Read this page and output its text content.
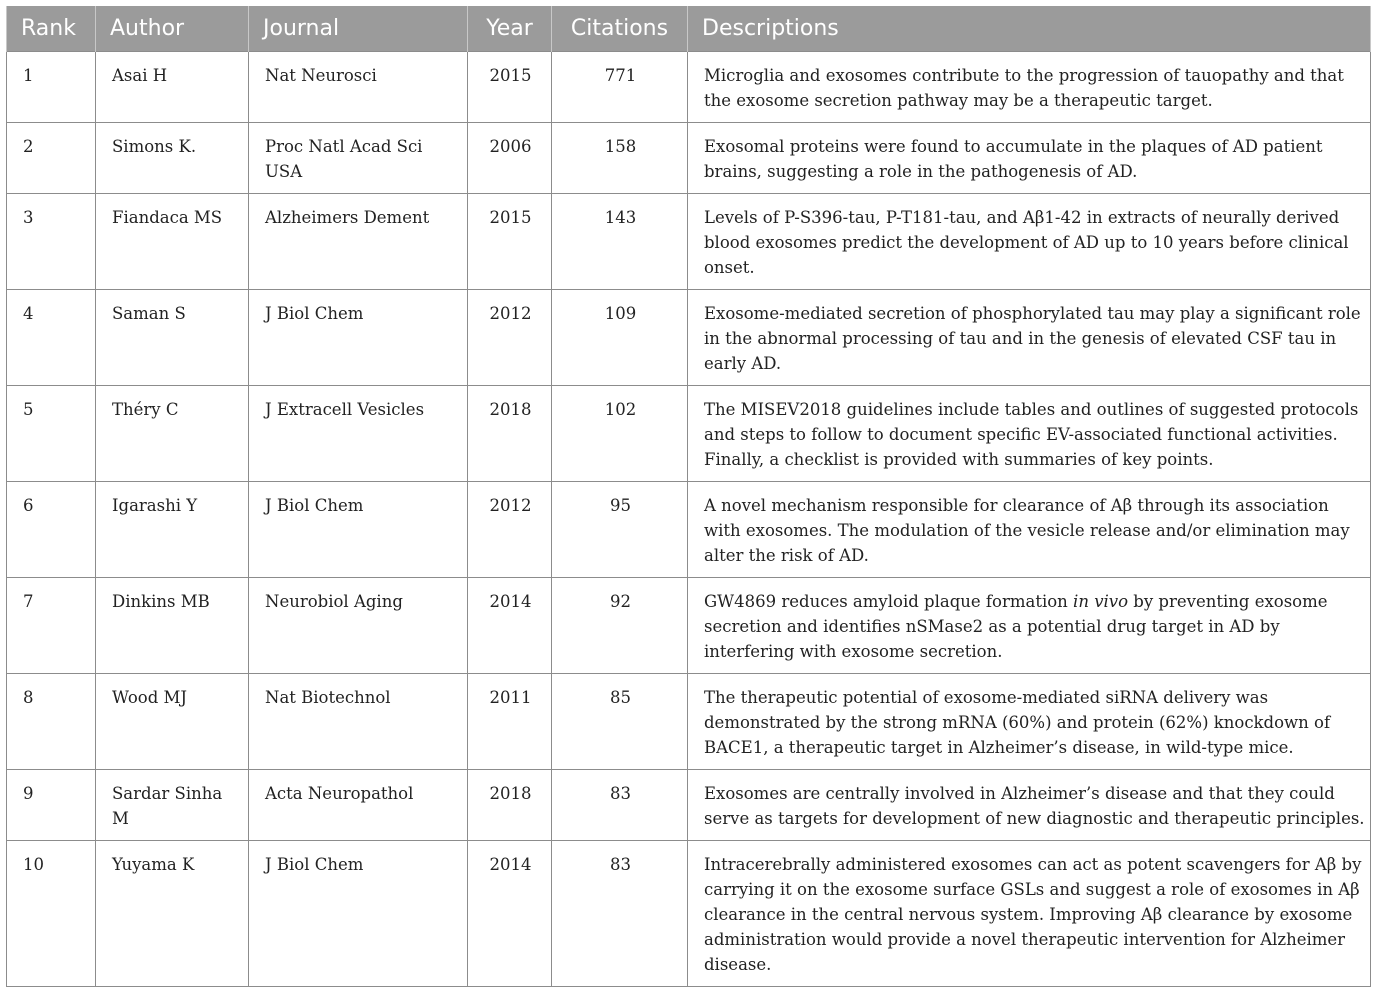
Rank	Author	Journal	Year	Citations	Descriptions
1	Asai H	Nat Neurosci	2015	771	Microglia and exosomes contribute to the progression of tauopathy and that the exosome secretion pathway may be a therapeutic target.
2	Simons K.	Proc Natl Acad Sci USA	2006	158	Exosomal proteins were found to accumulate in the plaques of AD patient brains, suggesting a role in the pathogenesis of AD.
3	Fiandaca MS	Alzheimers Dement	2015	143	Levels of P-S396-tau, P-T181-tau, and Aβ1-42 in extracts of neurally derived blood exosomes predict the development of AD up to 10 years before clinical onset.
4	Saman S	J Biol Chem	2012	109	Exosome-mediated secretion of phosphorylated tau may play a significant role in the abnormal processing of tau and in the genesis of elevated CSF tau in early AD.
5	Théry C	J Extracell Vesicles	2018	102	The MISEV2018 guidelines include tables and outlines of suggested protocols and steps to follow to document specific EV-associated functional activities. Finally, a checklist is provided with summaries of key points.
6	Igarashi Y	J Biol Chem	2012	95	A novel mechanism responsible for clearance of Aβ through its association with exosomes. The modulation of the vesicle release and/or elimination may alter the risk of AD.
7	Dinkins MB	Neurobiol Aging	2014	92	GW4869 reduces amyloid plaque formation in vivo by preventing exosome secretion and identifies nSMase2 as a potential drug target in AD by interfering with exosome secretion.
8	Wood MJ	Nat Biotechnol	2011	85	The therapeutic potential of exosome-mediated siRNA delivery was demonstrated by the strong mRNA (60%) and protein (62%) knockdown of BACE1, a therapeutic target in Alzheimer’s disease, in wild-type mice.
9	Sardar Sinha M	Acta Neuropathol	2018	83	Exosomes are centrally involved in Alzheimer’s disease and that they could serve as targets for development of new diagnostic and therapeutic principles.
10	Yuyama K	J Biol Chem	2014	83	Intracerebrally administered exosomes can act as potent scavengers for Aβ by carrying it on the exosome surface GSLs and suggest a role of exosomes in Aβ clearance in the central nervous system. Improving Aβ clearance by exosome administration would provide a novel therapeutic intervention for Alzheimer disease.
